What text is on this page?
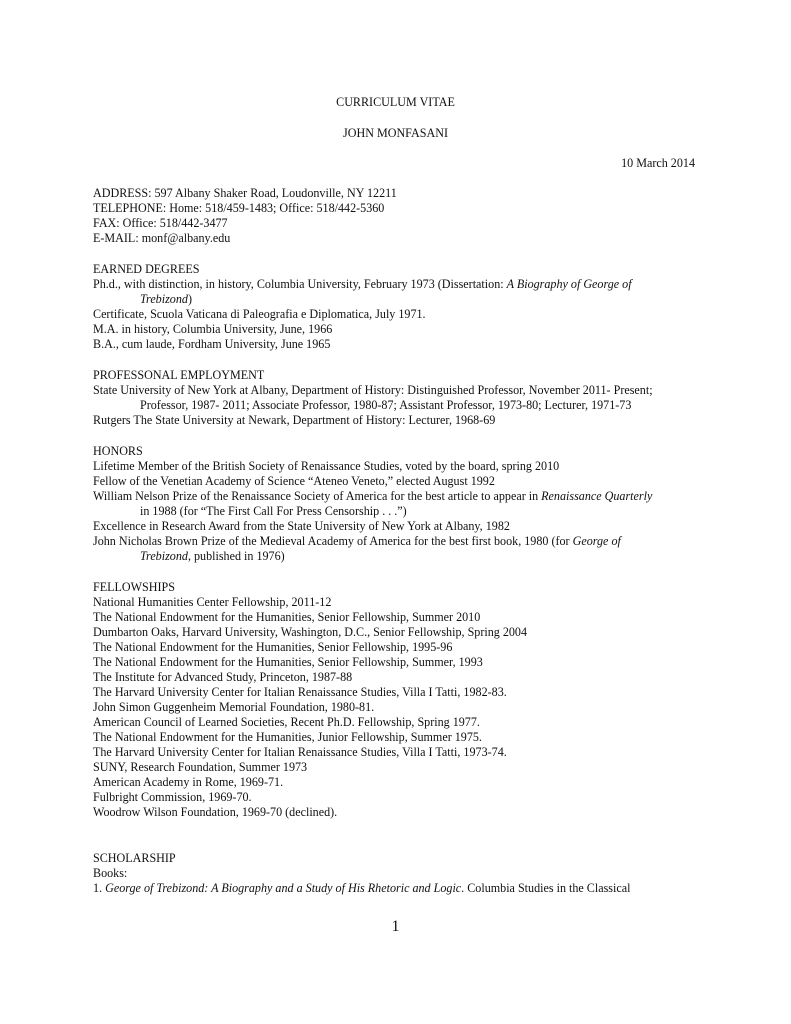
CURRICULUM VITAE
JOHN MONFASANI
10 March 2014
ADDRESS: 597 Albany Shaker Road, Loudonville, NY 12211
TELEPHONE: Home: 518/459-1483; Office: 518/442-5360
FAX: Office: 518/442-3477
E-MAIL: monf@albany.edu
EARNED DEGREES
Ph.d., with distinction, in history, Columbia University, February 1973 (Dissertation: A Biography of George of
Trebizond)
Certificate, Scuola Vaticana di Paleografia e Diplomatica, July 1971.
M.A. in history, Columbia University, June, 1966
B.A., cum laude, Fordham University, June 1965
PROFESSONAL EMPLOYMENT
State University of New York at Albany, Department of History: Distinguished Professor, November 2011- Present;
Professor, 1987- 2011; Associate Professor, 1980-87; Assistant Professor, 1973-80; Lecturer, 1971-73
Rutgers The State University at Newark, Department of History: Lecturer, 1968-69
HONORS
Lifetime Member of the British Society of Renaissance Studies, voted by the board, spring 2010
Fellow of the Venetian Academy of Science “Ateneo Veneto,” elected August 1992
William Nelson Prize of the Renaissance Society of America for the best article to appear in Renaissance Quarterly
in 1988 (for “The First Call For Press Censorship . . .”)
Excellence in Research Award from the State University of New York at Albany, 1982
John Nicholas Brown Prize of the Medieval Academy of America for the best first book, 1980 (for George of
Trebizond, published in 1976)
FELLOWSHIPS
National Humanities Center Fellowship, 2011-12
The National Endowment for the Humanities, Senior Fellowship, Summer 2010
Dumbarton Oaks, Harvard University, Washington, D.C., Senior Fellowship, Spring 2004
The National Endowment for the Humanities, Senior Fellowship, 1995-96
The National Endowment for the Humanities, Senior Fellowship, Summer, 1993
The Institute for Advanced Study, Princeton, 1987-88
The Harvard University Center for Italian Renaissance Studies, Villa I Tatti, 1982-83.
John Simon Guggenheim Memorial Foundation, 1980-81.
American Council of Learned Societies, Recent Ph.D. Fellowship, Spring 1977.
The National Endowment for the Humanities, Junior Fellowship, Summer 1975.
The Harvard University Center for Italian Renaissance Studies, Villa I Tatti, 1973-74.
SUNY, Research Foundation, Summer 1973
American Academy in Rome, 1969-71.
Fulbright Commission, 1969-70.
Woodrow Wilson Foundation, 1969-70 (declined).
SCHOLARSHIP
Books:
1. George of Trebizond: A Biography and a Study of His Rhetoric and Logic. Columbia Studies in the Classical
1
